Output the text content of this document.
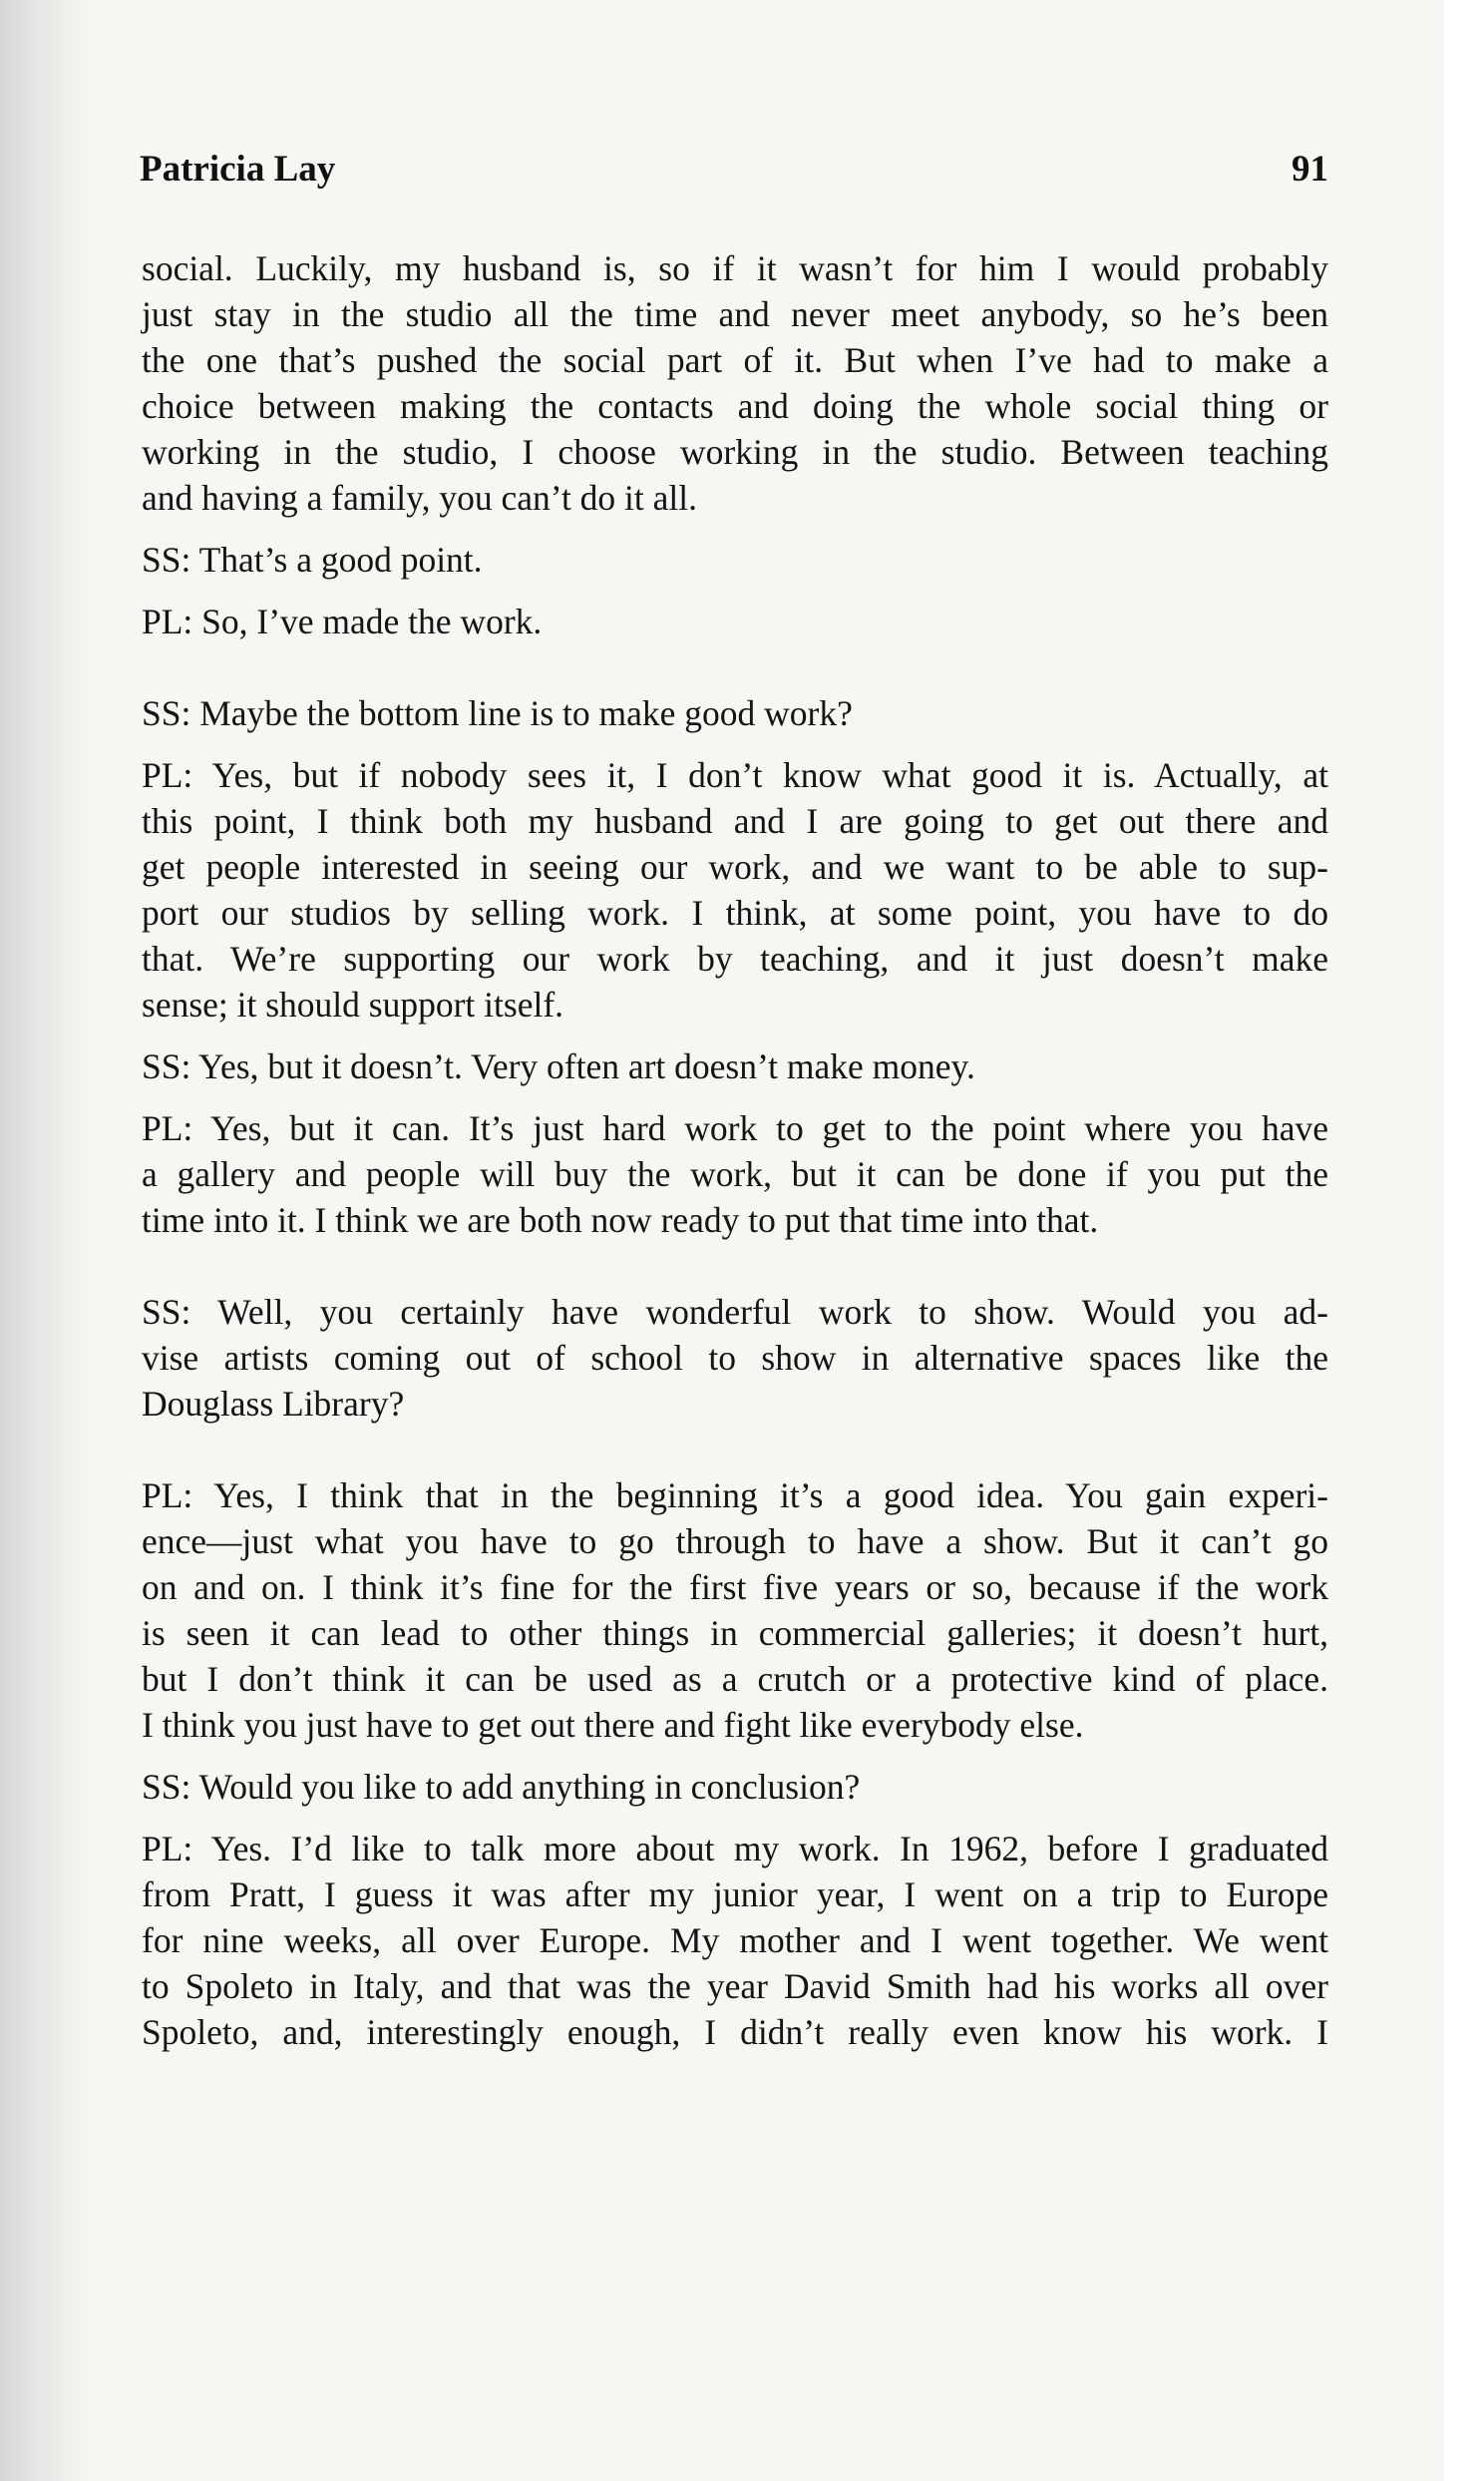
Patricia Lay	91

social. Luckily, my husband is, so if it wasn’t for him I would probably
just stay in the studio all the time and never meet anybody, so he’s been
the one that’s pushed the social part of it. But when I’ve had to make a
choice between making the contacts and doing the whole social thing or
working in the studio, I choose working in the studio. Between teaching
and having a family, you can’t do it all.

SS: That’s a good point.

PL: So, I’ve made the work.

SS: Maybe the bottom line is to make good work?

PL: Yes, but if nobody sees it, I don’t know what good it is. Actually, at
this point, I think both my husband and I are going to get out there and
get people interested in seeing our work, and we want to be able to sup-
port our studios by selling work. I think, at some point, you have to do
that. We’re supporting our work by teaching, and it just doesn’t make
sense; it should support itself.

SS: Yes, but it doesn’t. Very often art doesn’t make money.

PL: Yes, but it can. It’s just hard work to get to the point where you have
a gallery and people will buy the work, but it can be done if you put the
time into it. I think we are both now ready to put that time into that.

SS: Well, you certainly have wonderful work to show. Would you ad-
vise artists coming out of school to show in alternative spaces like the
Douglass Library?

PL: Yes, I think that in the beginning it’s a good idea. You gain experi-
ence—just what you have to go through to have a show. But it can’t go
on and on. I think it’s fine for the first five years or so, because if the work
is seen it can lead to other things in commercial galleries; it doesn’t hurt,
but I don’t think it can be used as a crutch or a protective kind of place.
I think you just have to get out there and fight like everybody else.

SS: Would you like to add anything in conclusion?

PL: Yes. I’d like to talk more about my work. In 1962, before I graduated
from Pratt, I guess it was after my junior year, I went on a trip to Europe
for nine weeks, all over Europe. My mother and I went together. We went
to Spoleto in Italy, and that was the year David Smith had his works all over
Spoleto, and, interestingly enough, I didn’t really even know his work. I
